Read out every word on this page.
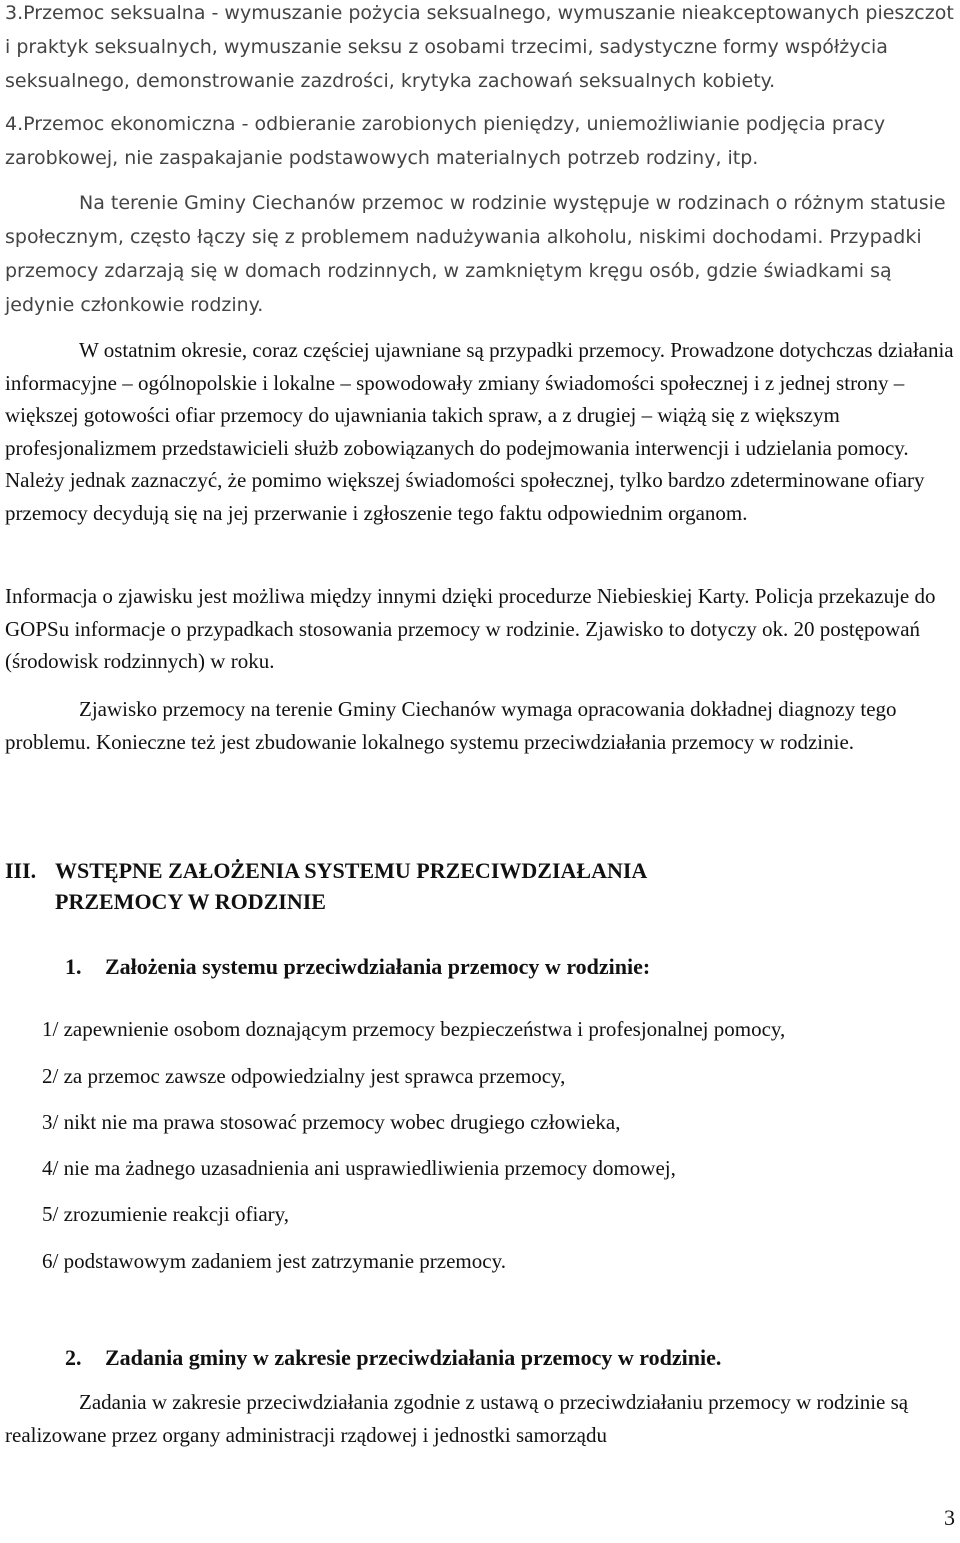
3.Przemoc seksualna - wymuszanie pożycia seksualnego, wymuszanie nieakceptowanych pieszczot i praktyk seksualnych, wymuszanie seksu z osobami trzecimi, sadystyczne formy współżycia seksualnego, demonstrowanie zazdrości, krytyka zachowań seksualnych kobiety.

4.Przemoc ekonomiczna - odbieranie zarobionych pieniędzy, uniemożliwianie podjęcia pracy zarobkowej, nie zaspakajanie podstawowych materialnych potrzeb rodziny, itp.

Na terenie Gminy Ciechanów przemoc w rodzinie występuje w rodzinach o różnym statusie społecznym, często łączy się z problemem nadużywania alkoholu, niskimi dochodami. Przypadki przemocy zdarzają się w domach rodzinnych, w zamkniętym kręgu osób, gdzie świadkami są jedynie członkowie rodziny.

W ostatnim okresie, coraz częściej ujawniane są przypadki przemocy. Prowadzone dotychczas działania informacyjne – ogólnopolskie i lokalne – spowodowały zmiany świadomości społecznej i z jednej strony – większej gotowości ofiar przemocy do ujawniania takich spraw, a z drugiej – wiążą się z większym profesjonalizmem przedstawicieli służb zobowiązanych do podejmowania interwencji i udzielania pomocy. Należy jednak zaznaczyć, że pomimo większej świadomości społecznej, tylko bardzo zdeterminowane ofiary przemocy decydują się na jej przerwanie i zgłoszenie tego faktu odpowiednim organom.

Informacja o zjawisku jest możliwa między innymi dzięki procedurze Niebieskiej Karty. Policja przekazuje do GOPSu informacje o przypadkach stosowania przemocy w rodzinie. Zjawisko to dotyczy ok. 20 postępowań (środowisk rodzinnych) w roku.

Zjawisko przemocy na terenie Gminy Ciechanów wymaga opracowania dokładnej diagnozy tego problemu. Konieczne też jest zbudowanie lokalnego systemu przeciwdziałania przemocy w rodzinie.

III. WSTĘPNE ZAŁOŻENIA SYSTEMU PRZECIWDZIAŁANIA
PRZEMOCY W RODZINIE

1. Założenia systemu przeciwdziałania przemocy w rodzinie:

1/ zapewnienie osobom doznającym przemocy bezpieczeństwa i profesjonalnej pomocy,
2/ za przemoc zawsze odpowiedzialny jest sprawca przemocy,
3/ nikt nie ma prawa stosować przemocy wobec drugiego człowieka,
4/ nie ma żadnego uzasadnienia ani usprawiedliwienia przemocy domowej,
5/ zrozumienie reakcji ofiary,
6/ podstawowym zadaniem jest zatrzymanie przemocy.

2. Zadania gminy w zakresie przeciwdziałania przemocy w rodzinie.

Zadania w zakresie przeciwdziałania zgodnie z ustawą o przeciwdziałaniu przemocy w rodzinie są realizowane przez organy administracji rządowej i jednostki samorządu

3
